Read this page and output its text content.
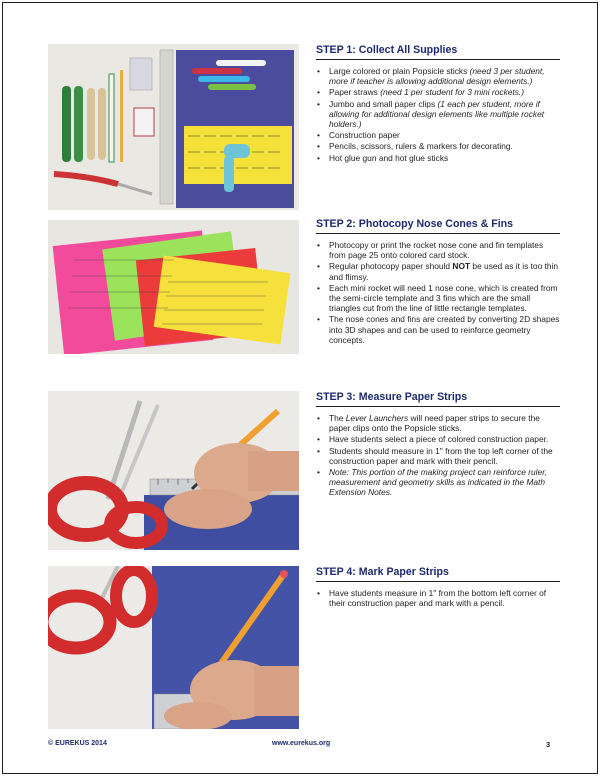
STEP 1: Collect All Supplies
• Large colored or plain Popsicle sticks (need 3 per student, more if teacher is allowing additional design elements.)
• Paper straws (need 1 per student for 3 mini rockets.)
• Jumbo and small paper clips (1 each per student, more if allowing for additional design elements like multiple rocket holders.)
• Construction paper
• Pencils, scissors, rulers & markers for decorating.
• Hot glue gun and hot glue sticks
STEP 2: Photocopy Nose Cones & Fins
• Photocopy or print the rocket nose cone and fin templates from page 25 onto colored card stock.
• Regular photocopy paper should NOT be used as it is too thin and flimsy.
• Each mini rocket will need 1 nose cone, which is created from the semi-circle template and 3 fins which are the small triangles cut from the line of little rectangle templates.
• The nose cones and fins are created by converting 2D shapes into 3D shapes and can be used to reinforce geometry concepts.
STEP 3: Measure Paper Strips
• The Lever Launchers will need paper strips to secure the paper clips onto the Popsicle sticks.
• Have students select a piece of colored construction paper.
• Students should measure in 1" from the top left corner of the construction paper and mark with their pencil.
• Note: This portion of the making project can reinforce ruler, measurement and geometry skills as indicated in the Math Extension Notes.
STEP 4: Mark Paper Strips
• Have students measure in 1" from the bottom left corner of their construction paper and mark with a pencil.
© EUREKUS 2014	www.eurekus.org	3
